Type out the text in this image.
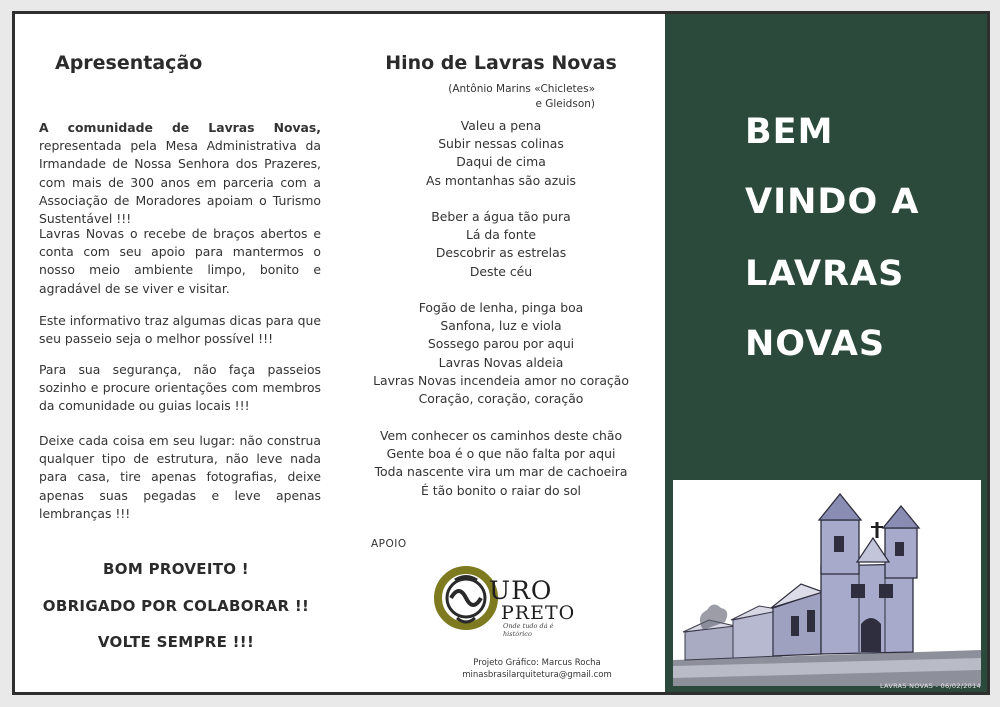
Apresentação
A comunidade de Lavras Novas, representada pela Mesa Administrativa da Irmandade de Nossa Senhora dos Prazeres, com mais de 300 anos em parceria com a Associação de Moradores apoiam o Turismo Sustentável !!!
Lavras Novas o recebe de braços abertos e conta com seu apoio para mantermos o nosso meio ambiente limpo, bonito e agradável de se viver e visitar.
Este informativo traz algumas dicas para que seu passeio seja o melhor possível !!!
Para sua segurança, não faça passeios sozinho e procure orientações com membros da comunidade ou guias locais !!!
Deixe cada coisa em seu lugar: não construa qualquer tipo de estrutura, não leve nada para casa, tire apenas fotografias, deixe apenas suas pegadas e leve apenas lembranças !!!
BOM PROVEITO !
OBRIGADO POR COLABORAR !!
VOLTE SEMPRE !!!
Hino de Lavras Novas
(Antônio Marins «Chicletes»
e Gleidson)
Valeu a pena
Subir nessas colinas
Daqui de cima
As montanhas são azuis
Beber a água tão pura
Lá da fonte
Descobrir as estrelas
Deste céu
Fogão de lenha, pinga boa
Sanfona, luz e viola
Sossego parou por aqui
Lavras Novas aldeia
Lavras Novas incendeia amor no coração
Coração, coração, coração
Vem conhecer os caminhos deste chão
Gente boa é o que não falta por aqui
Toda nascente vira um mar de cachoeira
É tão bonito o raiar do sol
APOIO
URO
PRETO
Onde tudo dá é histórico
Projeto Gráfico: Marcus Rocha
minasbrasilarquitetura@gmail.com
BEM
VINDO A
LAVRAS
NOVAS
LAVRAS NOVAS - 06/02/2014
